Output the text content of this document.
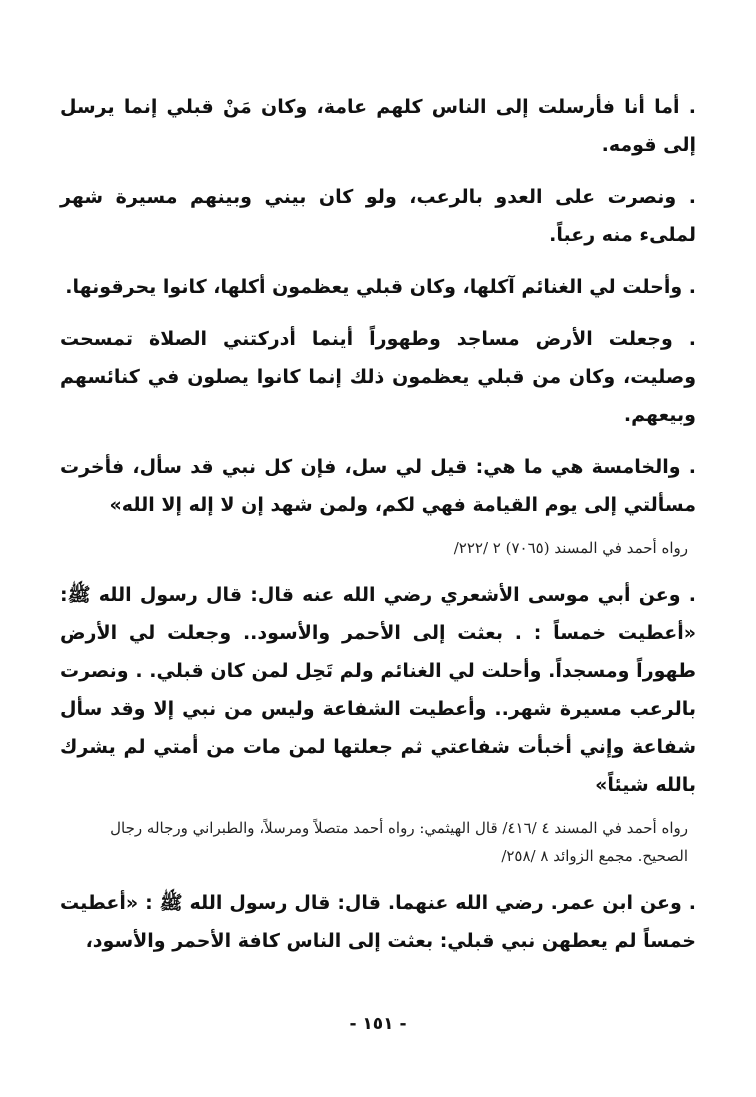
. أما أنا فأرسلت إلى الناس كلهم عامة، وكان مَنْ قبلي إنما يرسل إلى قومه.

. ونصرت على العدو بالرعب، ولو كان بيني وبينهم مسيرة شهر لملىء منه رعباً.

. وأحلت لي الغنائم آكلها، وكان قبلي يعظمون أكلها، كانوا يحرقونها.

. وجعلت الأرض مساجد وطهوراً أينما أدركتني الصلاة تمسحت وصليت، وكان من قبلي يعظمون ذلك إنما كانوا يصلون في كنائسهم وبيعهم.

. والخامسة هي ما هي: قيل لي سل، فإن كل نبي قد سأل، فأخرت مسألتي إلى يوم القيامة فهي لكم، ولمن شهد إن لا إله إلا الله»

رواه أحمد في المسند (٧٠٦٥) ٢ /٢٢٢/

. وعن أبي موسى الأشعري رضي الله عنه قال: قال رسول الله ﷺ: «أعطيت خمساً : . بعثت إلى الأحمر والأسود.. وجعلت لي الأرض طهوراً ومسجداً. وأحلت لي الغنائم ولم تَحِل لمن كان قبلي. . ونصرت بالرعب مسيرة شهر.. وأعطيت الشفاعة وليس من نبي إلا وقد سأل شفاعة وإني أخبأت شفاعتي ثم جعلتها لمن مات من أمتي لم يشرك بالله شيئاً»

رواه أحمد في المسند ٤ /٤١٦/ قال الهيثمي: رواه أحمد متصلاً ومرسلاً، والطبراني ورجاله رجال الصحيح. مجمع الزوائد ٨ /٢٥٨/

. وعن ابن عمر. رضي الله عنهما. قال: قال رسول الله ﷺ : «أعطيت خمساً لم يعطهن نبي قبلي: بعثت إلى الناس كافة الأحمر والأسود،

- ١٥١ -
